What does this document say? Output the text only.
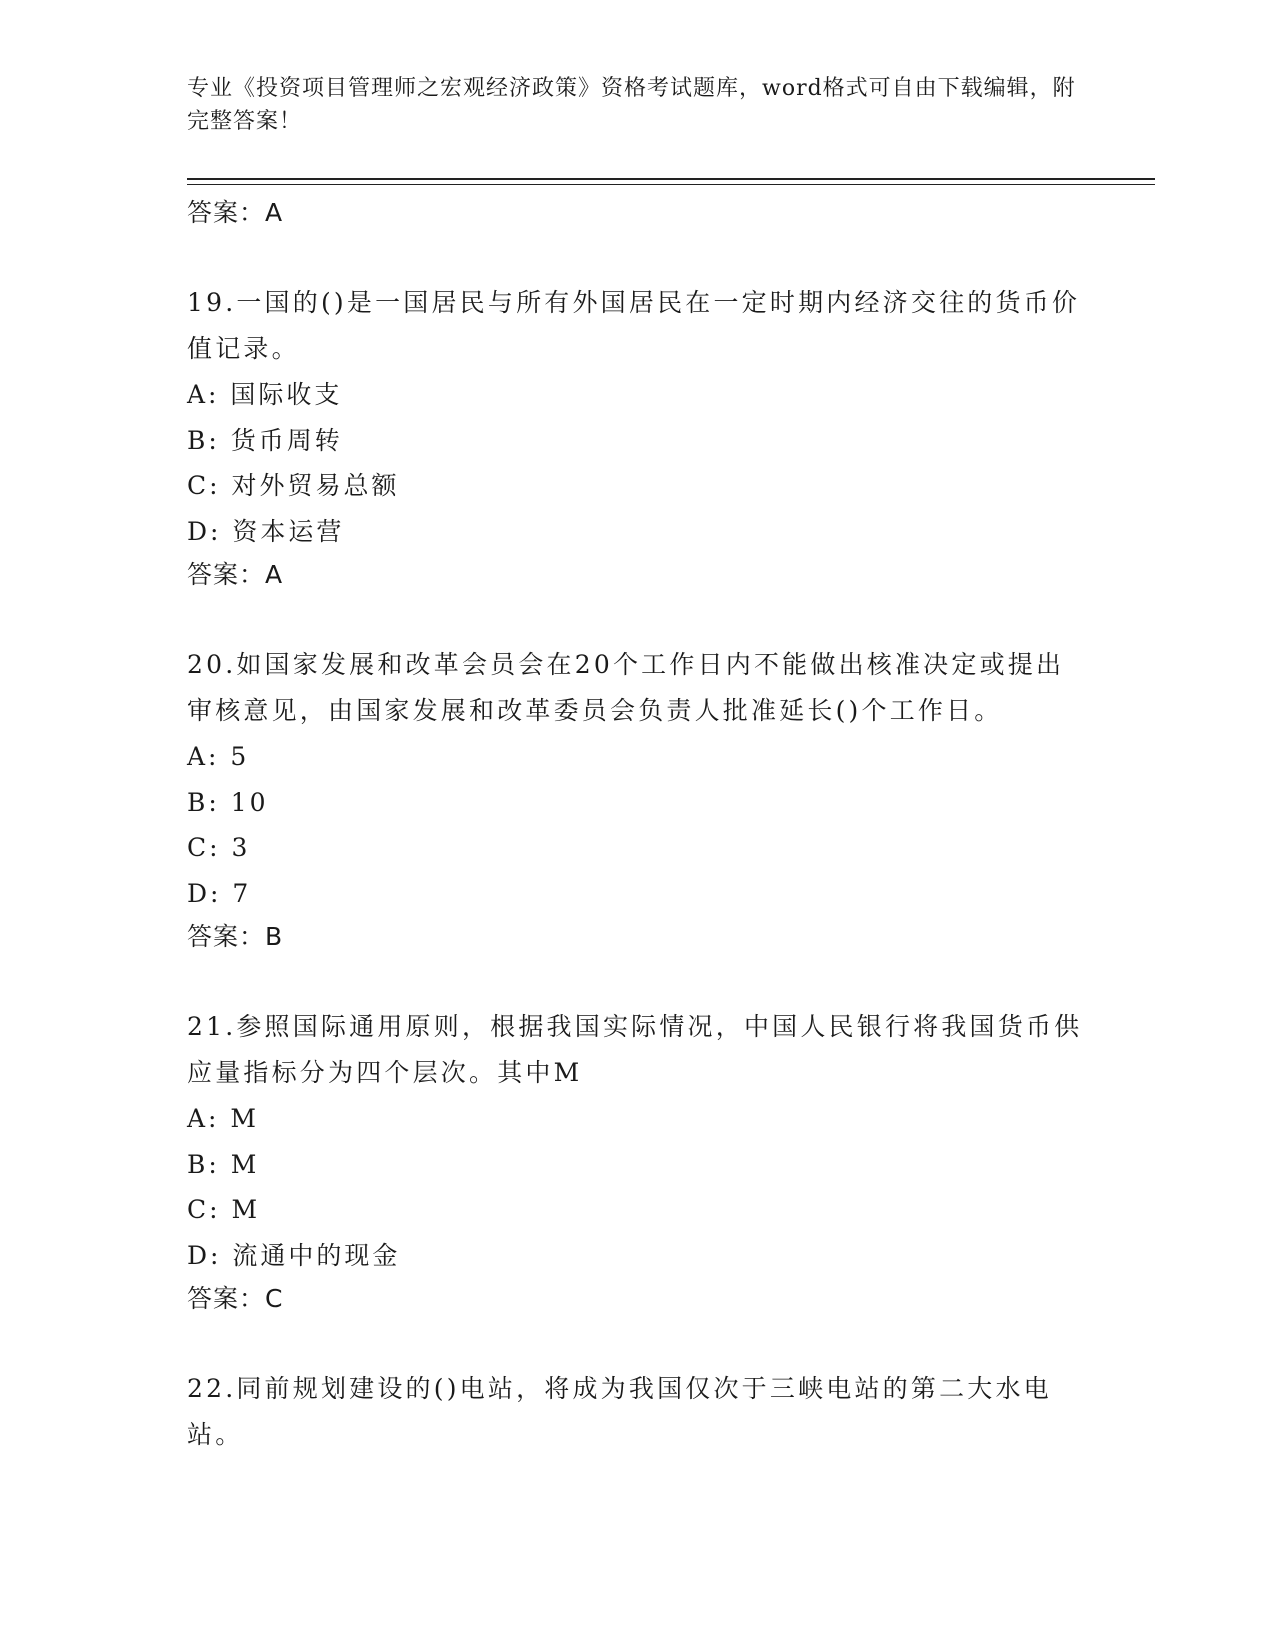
专业《投资项目管理师之宏观经济政策》资格考试题库，word格式可自由下载编辑，附完整答案！
答案：A
19.一国的()是一国居民与所有外国居民在一定时期内经济交往的货币价值记录。
A: 国际收支
B: 货币周转
C: 对外贸易总额
D: 资本运营
答案：A
20.如国家发展和改革会员会在20个工作日内不能做出核准决定或提出审核意见，由国家发展和改革委员会负责人批准延长()个工作日。
A: 5
B: 10
C: 3
D: 7
答案：B
21.参照国际通用原则，根据我国实际情况，中国人民银行将我国货币供应量指标分为四个层次。其中M
A: M
B: M
C: M
D: 流通中的现金
答案：C
22.同前规划建设的()电站，将成为我国仅次于三峡电站的第二大水电站。
